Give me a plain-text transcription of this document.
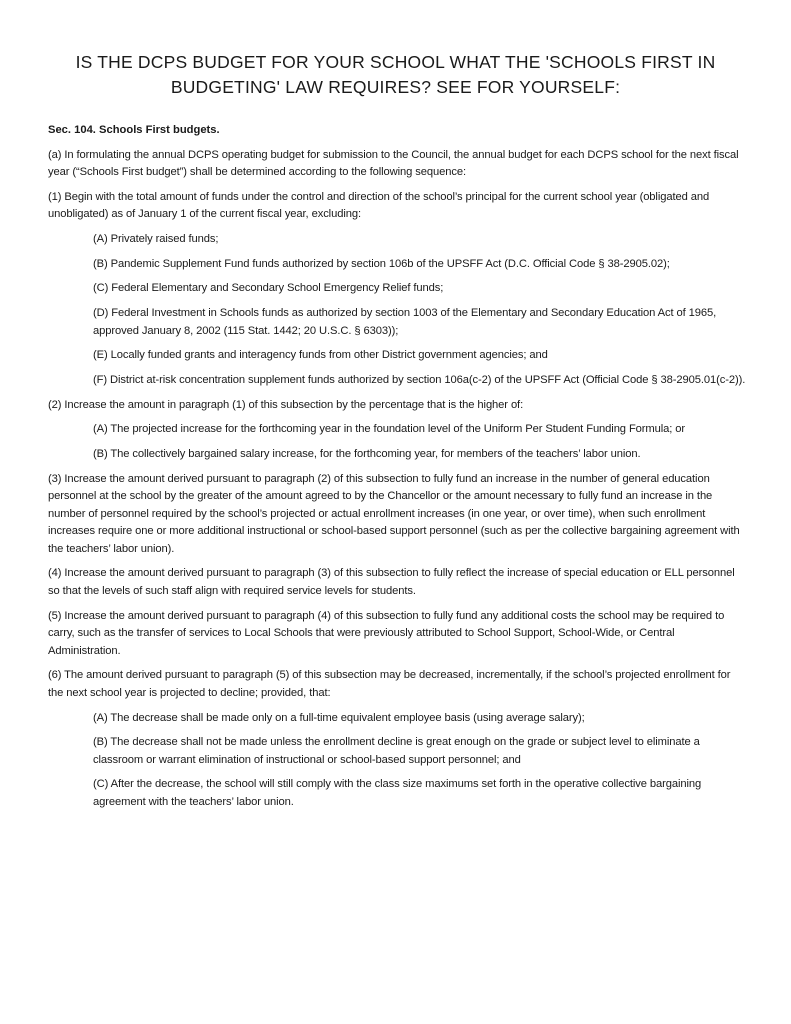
IS THE DCPS BUDGET FOR YOUR SCHOOL WHAT THE 'SCHOOLS FIRST IN BUDGETING' LAW REQUIRES? SEE FOR YOURSELF:
Sec. 104. Schools First budgets.
(a) In formulating the annual DCPS operating budget for submission to the Council, the annual budget for each DCPS school for the next fiscal year (“Schools First budget”) shall be determined according to the following sequence:
(1) Begin with the total amount of funds under the control and direction of the school’s principal for the current school year (obligated and unobligated) as of January 1 of the current fiscal year, excluding:
(A) Privately raised funds;
(B) Pandemic Supplement Fund funds authorized by section 106b of the UPSFF Act (D.C. Official Code § 38-2905.02);
(C) Federal Elementary and Secondary School Emergency Relief funds;
(D) Federal Investment in Schools funds as authorized by section 1003 of the Elementary and Secondary Education Act of 1965, approved January 8, 2002 (115 Stat. 1442; 20 U.S.C. § 6303));
(E) Locally funded grants and interagency funds from other District government agencies; and
(F) District at-risk concentration supplement funds authorized by section 106a(c-2) of the UPSFF Act (Official Code § 38-2905.01(c-2)).
(2) Increase the amount in paragraph (1) of this subsection by the percentage that is the higher of:
(A) The projected increase for the forthcoming year in the foundation level of the Uniform Per Student Funding Formula; or
(B) The collectively bargained salary increase, for the forthcoming year, for members of the teachers’ labor union.
(3) Increase the amount derived pursuant to paragraph (2) of this subsection to fully fund an increase in the number of general education personnel at the school by the greater of the amount agreed to by the Chancellor or the amount necessary to fully fund an increase in the number of personnel required by the school’s projected or actual enrollment increases (in one year, or over time), when such enrollment increases require one or more additional instructional or school-based support personnel (such as per the collective bargaining agreement with the teachers’ labor union).
(4) Increase the amount derived pursuant to paragraph (3) of this subsection to fully reflect the increase of special education or ELL personnel so that the levels of such staff align with required service levels for students.
(5) Increase the amount derived pursuant to paragraph (4) of this subsection to fully fund any additional costs the school may be required to carry, such as the transfer of services to Local Schools that were previously attributed to School Support, School-Wide, or Central Administration.
(6) The amount derived pursuant to paragraph (5) of this subsection may be decreased, incrementally, if the school’s projected enrollment for the next school year is projected to decline; provided, that:
(A) The decrease shall be made only on a full-time equivalent employee basis (using average salary);
(B) The decrease shall not be made unless the enrollment decline is great enough on the grade or subject level to eliminate a classroom or warrant elimination of instructional or school-based support personnel; and
(C) After the decrease, the school will still comply with the class size maximums set forth in the operative collective bargaining agreement with the teachers’ labor union.
